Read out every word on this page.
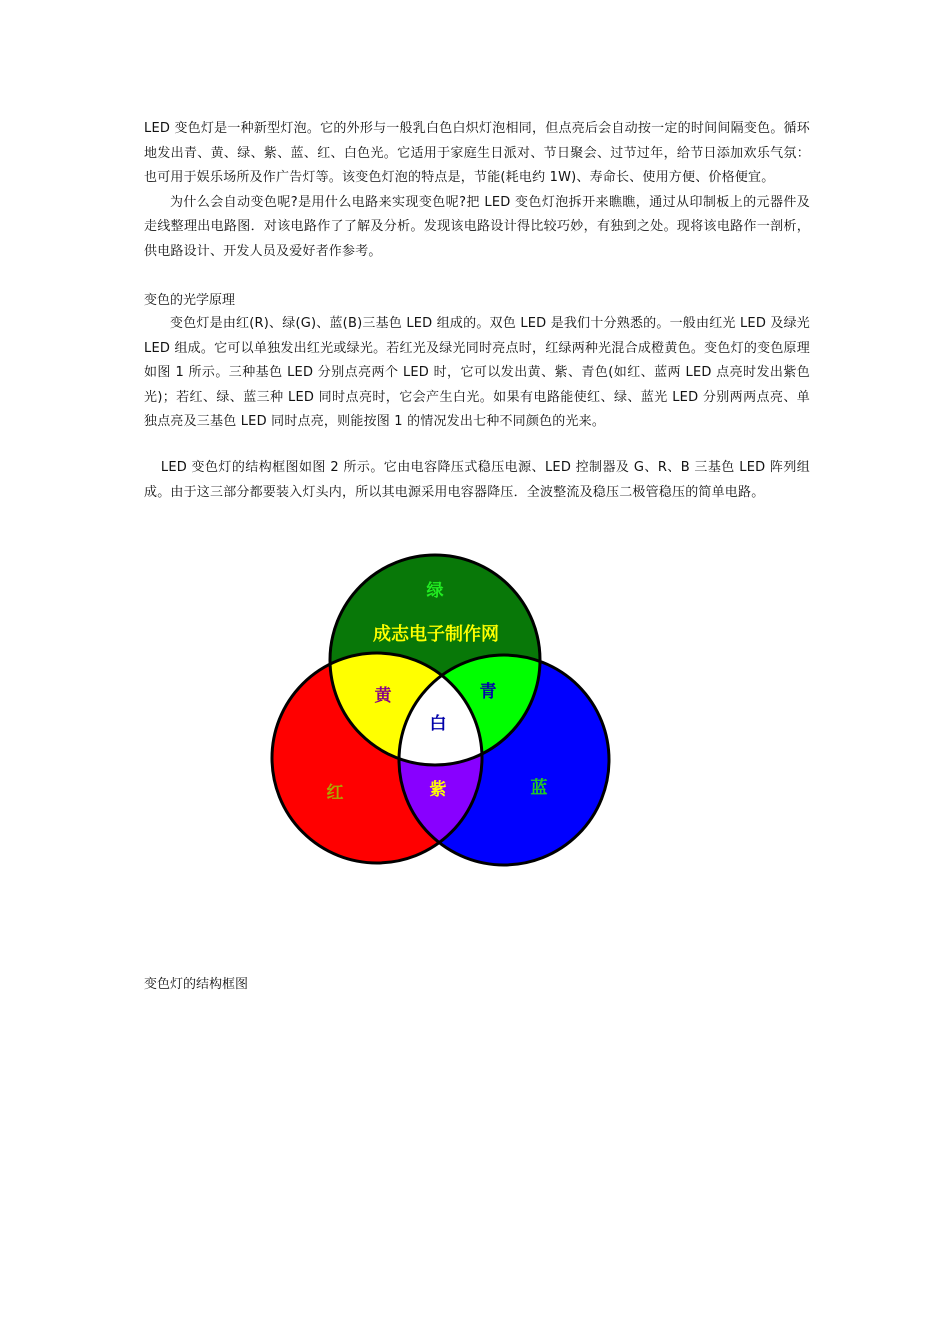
LED 变色灯是一种新型灯泡。它的外形与一般乳白色白炽灯泡相同，但点亮后会自动按一定的时间间隔变色。循环地发出青、黄、绿、紫、蓝、红、白色光。它适用于家庭生日派对、节日聚会、过节过年，给节日添加欢乐气氛：也可用于娱乐场所及作广告灯等。该变色灯泡的特点是，节能(耗电约 1W)、寿命长、使用方便、价格便宜。

为什么会自动变色呢?是用什么电路来实现变色呢?把 LED 变色灯泡拆开来瞧瞧，通过从印制板上的元器件及走线整理出电路图．对该电路作了了解及分析。发现该电路设计得比较巧妙，有独到之处。现将该电路作一剖析，供电路设计、开发人员及爱好者作参考。

变色的光学原理

变色灯是由红(R)、绿(G)、蓝(B)三基色 LED 组成的。双色 LED 是我们十分熟悉的。一般由红光 LED 及绿光 LED 组成。它可以单独发出红光或绿光。若红光及绿光同时亮点时，红绿两种光混合成橙黄色。变色灯的变色原理如图 1 所示。三种基色 LED 分别点亮两个 LED 时，它可以发出黄、紫、青色(如红、蓝两 LED 点亮时发出紫色光)；若红、绿、蓝三种 LED 同时点亮时，它会产生白光。如果有电路能使红、绿、蓝光 LED 分别两两点亮、单独点亮及三基色 LED 同时点亮，则能按图 1 的情况发出七种不同颜色的光来。

LED 变色灯的结构框图如图 2 所示。它由电容降压式稳压电源、LED 控制器及 G、R、B 三基色 LED 阵列组成。由于这三部分都要装入灯头内，所以其电源采用电容器降压．全波整流及稳压二极管稳压的简单电路。

绿
成志电子制作网
黄	青
白
红	紫	蓝
变色灯的结构框图
